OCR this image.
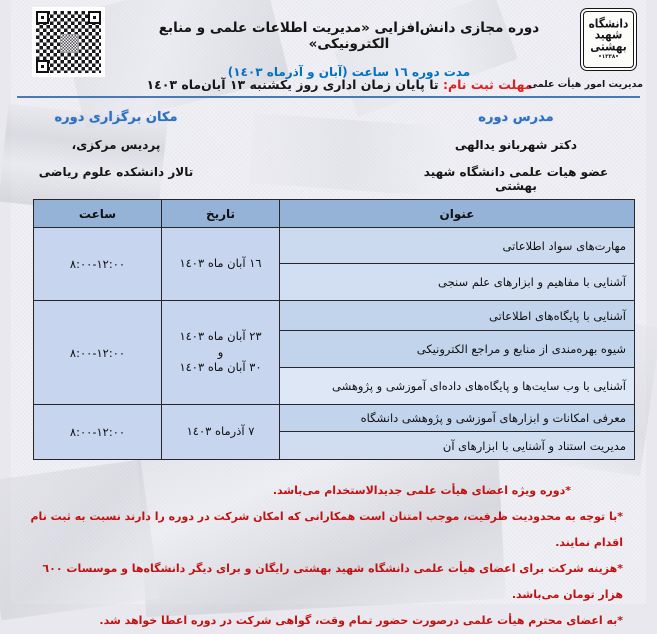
دوره مجازی دانش‌افزایی «مدیریت اطلاعات علمی و منابع الکترونیکی»
مدت دوره ١٦ ساعت (آبان و آذرماه ١٤٠٣)
مهلت ثبت نام: تا پایان زمان اداری روز یکشنبه ١٣ آبان‌ماه ١٤٠٣
دانشگاه
شهید
بهشتی
•١٣٣٨•
مدیریت امور هیأت علمی
مدرس دوره
دکتر شهربانو یدالهی
عضو هیات علمی دانشگاه شهید بهشتی
مکان برگزاری دوره
پردیس مرکزی،
تالار دانشکده علوم ریاضی
عنوان	تاریخ	ساعت
مهارت‌های سواد اطلاعاتی	١٦ آبان ماه ١٤٠٣	٨:٠٠-١٢:٠٠
آشنایی با مفاهیم و ابزارهای علم سنجی		
آشنایی با پایگاه‌های اطلاعاتی	٢٣ آبان ماه ١٤٠٣
و
٣٠ آبان ماه ١٤٠٣	٨:٠٠-١٢:٠٠
شیوه بهره‌مندی از منابع و مراجع الکترونیکی		
آشنایی با وب سایت‌ها و پایگاه‌های داده‌ای آموزشی و پژوهشی		
معرفی امکانات و ابزارهای آموزشی و پژوهشی دانشگاه	٧ آذرماه ١٤٠٣	٨:٠٠-١٢:٠٠
مدیریت استناد و آشنایی با ابزارهای آن		

*دوره ویژه اعضای هیأت علمی جدیدالاستخدام می‌باشد.

*با توجه به محدودیت ظرفیت، موجب امتنان است همکارانی که امکان شرکت در دوره را دارند نسبت به ثبت نام اقدام نمایند.

*هزینه شرکت برای اعضای هیأت علمی دانشگاه شهید بهشتی رایگان و برای دیگر دانشگاه‌ها و موسسات ٦٠٠ هزار تومان می‌باشد.

*به اعضای محترم هیأت علمی درصورت حضور تمام وقت، گواهی شرکت در دوره اعطا خواهد شد.
